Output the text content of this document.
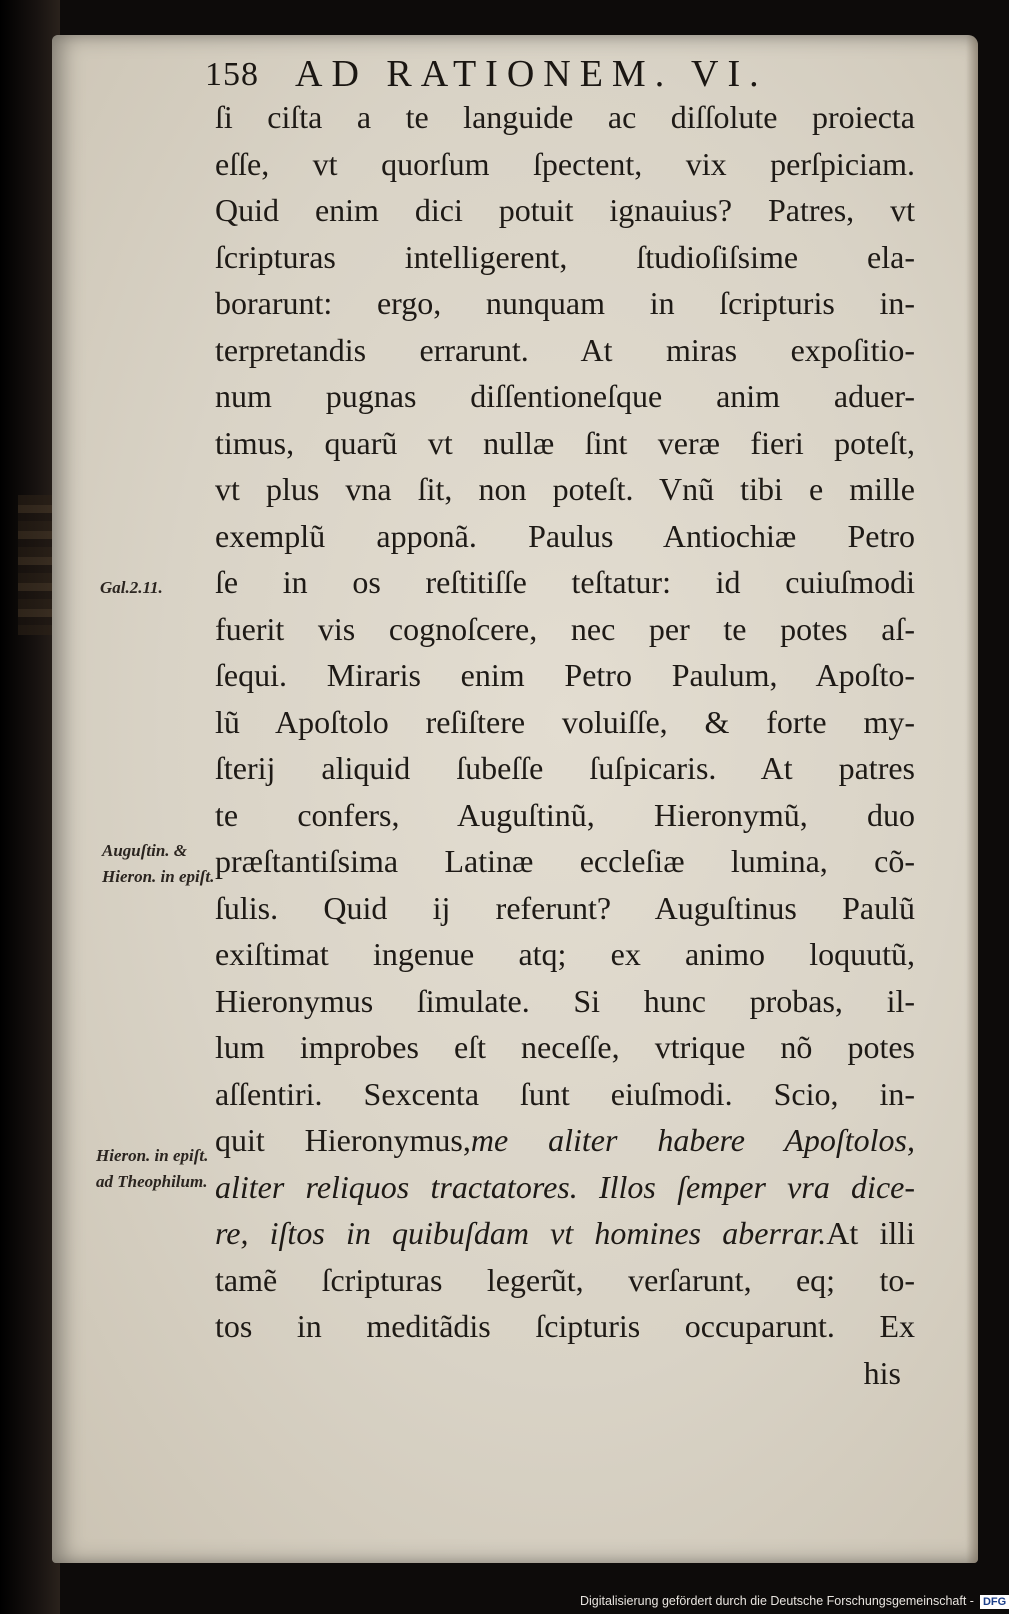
158 AD RATIONEM. VI.
ſi ciſta a te languide ac diſſolute proiecta
eſſe, vt quorſum ſpectent, vix perſpiciam.
Quid enim dici potuit ignauius? Patres, vt
ſcripturas intelligerent, ſtudioſiſsime ela-
borarunt: ergo, nunquam in ſcripturis in-
terpretandis errarunt. At miras expoſitio-
num pugnas diſſentioneſque anim aduer-
timus, quarũ vt nullæ ſint veræ fieri poteſt,
vt plus vna ſit, non poteſt. Vnũ tibi e mille
exemplũ apponã. Paulus Antiochiæ Petro
ſe in os reſtitiſſe teſtatur: id cuiuſmodi
fuerit vis cognoſcere, nec per te potes aſ-
ſequi. Miraris enim Petro Paulum, Apoſto-
lũ Apoſtolo reſiſtere voluiſſe, & forte my-
ſterij aliquid ſubeſſe ſuſpicaris. At patres
te confers, Auguſtinũ, Hieronymũ, duo
præſtantiſsima Latinæ eccleſiæ lumina, cõ-
ſulis. Quid ij referunt? Auguſtinus Paulũ
exiſtimat ingenue atq; ex animo loquutũ,
Hieronymus ſimulate. Si hunc probas, il-
lum improbes eſt neceſſe, vtrique nõ potes
aſſentiri. Sexcenta ſunt eiuſmodi. Scio, in-
quit Hieronymus,me aliter habere Apoſtolos,
aliter reliquos tractatores. Illos ſemper vra dice-
re, iſtos in quibuſdam vt homines aberrar.At illi
tamẽ ſcripturas legerũt, verſarunt, eq; to-
tos in meditãdis ſcipturis occuparunt. Ex
his
Gal.2.11.
Auguſtin. &
Hieron. in epiſt.
Hieron. in epiſt.
ad Theophilum.
Digitalisierung gefördert durch die Deutsche Forschungsgemeinschaft - DFG
